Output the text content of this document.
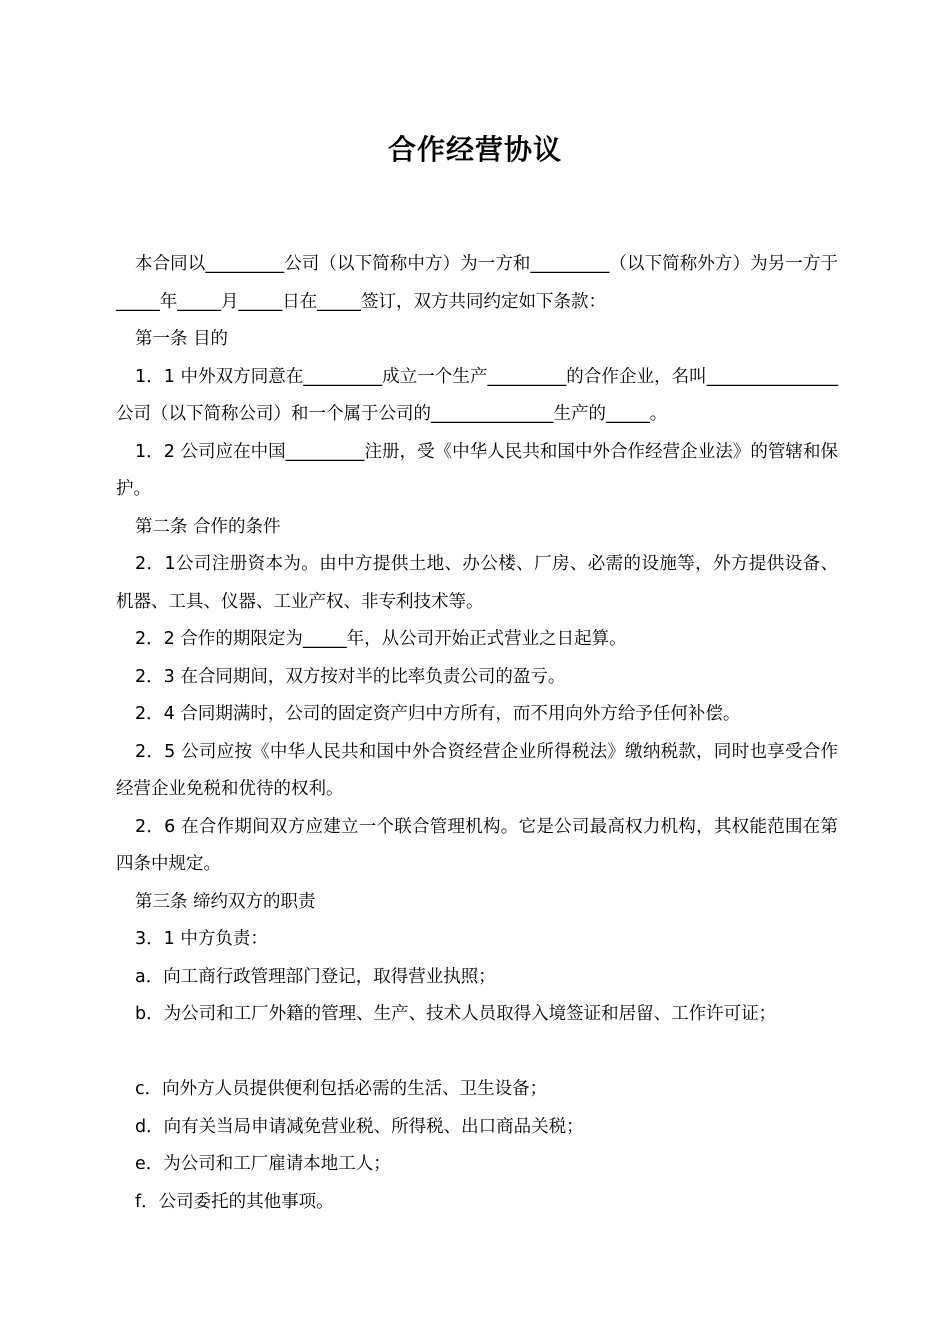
合作经营协议

本合同以_________公司（以下简称中方）为一方和_________（以下简称外方）为另一方于_____年_____月_____日在_____签订，双方共同约定如下条款：

第一条 目的

1．1 中外双方同意在_________成立一个生产_________的合作企业，名叫_______________公司（以下简称公司）和一个属于公司的______________生产的_____。

1．2 公司应在中国_________注册，受《中华人民共和国中外合作经营企业法》的管辖和保护。

第二条 合作的条件

2．1公司注册资本为。由中方提供土地、办公楼、厂房、必需的设施等，外方提供设备、机器、工具、仪器、工业产权、非专利技术等。

2．2 合作的期限定为_____年，从公司开始正式营业之日起算。

2．3 在合同期间，双方按对半的比率负责公司的盈亏。

2．4 合同期满时，公司的固定资产归中方所有，而不用向外方给予任何补偿。

2．5 公司应按《中华人民共和国中外合资经营企业所得税法》缴纳税款，同时也享受合作经营企业免税和优待的权利。

2．6 在合作期间双方应建立一个联合管理机构。它是公司最高权力机构，其权能范围在第四条中规定。

第三条 缔约双方的职责

3．1 中方负责：

a．向工商行政管理部门登记，取得营业执照；

b．为公司和工厂外籍的管理、生产、技术人员取得入境签证和居留、工作许可证；

c．向外方人员提供便利包括必需的生活、卫生设备；

d．向有关当局申请减免营业税、所得税、出口商品关税；

e．为公司和工厂雇请本地工人；

f．公司委托的其他事项。
